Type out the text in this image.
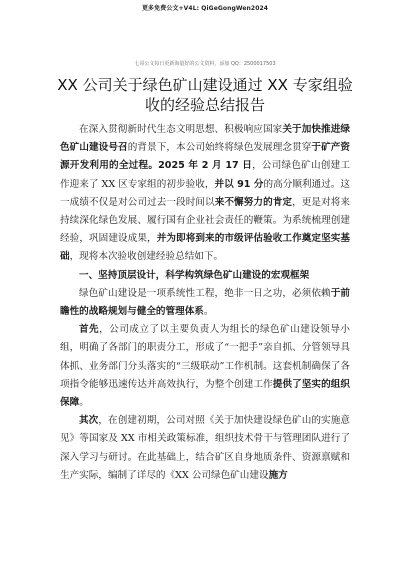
更多免费公文+V4L: QiGeGongWen2024
七哥公文每日更新海量好的公文资料，添加 QQ：2500017503
XX 公司关于绿色矿山建设通过 XX 专家组验
收的经验总结报告

在深入贯彻新时代生态文明思想、积极响应国家关于加快推进绿色矿山建设号召的背景下，本公司始终将绿色发展理念贯穿于矿产资源开发利用的全过程。2025 年 2 月 17 日，公司绿色矿山创建工作迎来了 XX 区专家组的初步验收，并以 91 分的高分顺利通过。这一成绩不仅是对公司过去一段时间以来不懈努力的肯定，更是对将来持续深化绿色发展、履行国有企业社会责任的鞭策。为系统梳理创建经验，巩固建设成果，并为即将到来的市级评估验收工作奠定坚实基础，现将本次验收创建经验总结如下。

一、坚持顶层设计，科学构筑绿色矿山建设的宏观框架

绿色矿山建设是一项系统性工程，绝非一日之功，必须依赖于前瞻性的战略规划与健全的管理体系。

首先，公司成立了以主要负责人为组长的绿色矿山建设领导小组，明确了各部门的职责分工，形成了“一把手”亲自抓、分管领导具体抓、业务部门分头落实的“三级联动”工作机制。这套机制确保了各项指令能够迅速传达并高效执行，为整个创建工作提供了坚实的组织保障。

其次，在创建初期，公司对照《关于加快建设绿色矿山的实施意见》等国家及 XX 市相关政策标准，组织技术骨干与管理团队进行了深入学习与研讨。在此基础上，结合矿区自身地质条件、资源禀赋和生产实际，编制了详尽的《XX 公司绿色矿山建设施方
